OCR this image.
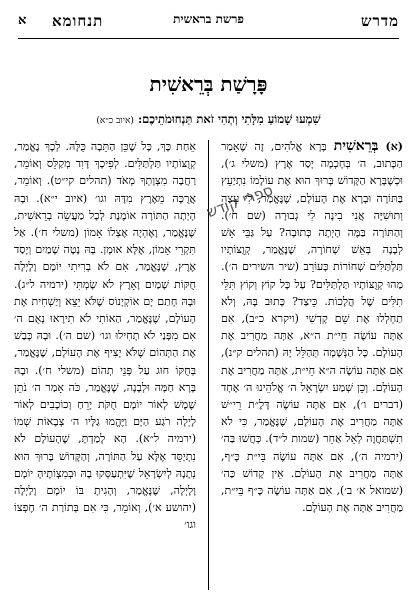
מדרש
פרשת בראשית
תנחומא
א
פָּרָשַׁת בְּרֵאשִׁית
שִׁמְעוּ שָׁמוֹעַ מִלָּתִי וְתְהִי זֹאת תַּנְחוּמֹתֵיכֶם: (איוב כ״א)
(א) בְּרֵאשִׁית בָּרָא אֱלֹהִים, זֶה שֶׁאָמַר הַכָּתוּב, ה׳ בְּחָכְמָה יָסַד אֶרֶץ (משלי ג׳), וּכְשֶׁבָּרָא הַקָּדוֹשׁ בָּרוּךְ הוּא אֶת עוֹלָמוֹ נִתְיַעֵץ בַּתּוֹרָה וּבָרָא אֶת הָעוֹלָם, שֶׁנֶּאֱמַר, לִי עֵצָה וְתוּשִׁיָּה אֲנִי בִינָה לִי גְבוּרָה (שם ח׳). וְהַתּוֹרָה בַּמֶּה הָיְתָה כְּתוּבָה? עַל גַּבֵּי אֵשׁ לְבָנָה בְּאֵשׁ שְׁחוֹרָה, שֶׁנֶּאֱמַר, קְוֻצּוֹתָיו תַּלְתַּלִּים שְׁחוֹרוֹת כָּעוֹרֵב (שיר השירים ה׳). מַהוּ קְוֻצּוֹתָיו תַּלְתַּלִּים? עַל כָּל קוֹץ וְקוֹץ תִּלֵּי תִלִּים שֶׁל הֲלָכוֹת. כֵּיצַד? כָּתוּב בָּהּ, וְלֹא תַחְלְלוּ אֶת שֵׁם קָדְשִׁי (ויקרא כ״ב), אִם אַתָּה עוֹשֶׂה חֵי״ת ה״א, אַתָּה מַחֲרִיב אֶת הָעוֹלָם. כָּל הַנְּשָׁמָה תְּהַלֵּל יָהּ (תהלים ק״נ), אִם אַתָּה עוֹשֶׂה ה״א חֵי״ת, אַתָּה מַחֲרִיב אֶת הָעוֹלָם. וְכֵן שְׁמַע יִשְׂרָאֵל ה׳ אֱלֹהֵינוּ ה׳ אֶחָד (דברים ו׳), אִם אַתָּה עוֹשֶׂה דָּלֶ״ת רֵי״שׁ אַתָּה מַחֲרִיב אֶת הָעוֹלָם, שֶׁנֶּאֱמַר, כִּי לֹא תִשְׁתַּחֲוֶה לְאֵל אַחֵר (שמות ל״ד). כְּחֲשׁוּ בַּה׳ (ירמיה ה׳), אִם אַתָּה עוֹשֶׂה בֵּי״ת כָּ״ף, אַתָּה מַחֲרִיב אֶת הָעוֹלָם. אֵין קָדוֹשׁ כַּה׳ (שמואל א׳ ב׳), אִם אַתָּה עוֹשֶׂה כָּ״ף בֵּי״ת, מַחֲרִיב אַתָּה אֶת הָעוֹלָם.
אֵחַת כָּךְ, כָּל שֶׁכֵּן הַתֵּבָה כֻּלָּהּ. לְכָךְ נֶאֱמַר, קְוֻצּוֹתָיו תַּלְתַּלִּים. לְפִיכָךְ דָּוִד מְקַלֵּס וְאוֹמֵר, רַחֲבָה מִצְוָתְךָ מְאֹד (תהלים קי״ט). וְאוֹמֵר, אֲרֻכָּה מֵאֶרֶץ מִדָּהּ וגו׳ (איוב י״א). וּבָהּ הָיְתָה הַתּוֹרָה אוֹמֶנֶת לְכָל מַעֲשֵׂה בְרֵאשִׁית, שֶׁנֶּאֱמַר, וָאֶהְיֶה אֶצְלוֹ אָמוֹן (משלי ח׳). אַל תִּקְרֵי אָמוֹן, אֶלָּא אוּמָן. בְּהּ נָטָה שָׁמַיִם וְיָסַד אֶרֶץ, שֶׁנֶּאֱמַר, אִם לֹא בְרִיתִי יוֹמָם וָלָיְלָה חֻקּוֹת שָׁמַיִם וָאָרֶץ לֹא שָׂמְתִּי (ירמיה ל״ג). וּבָהּ חָתַם יָם אוֹקְיָנוֹס שֶׁלֹּא יֵצֵא וְיַשְׁחִית אֶת הָעוֹלָם, שֶׁנֶּאֱמַר, הַאוֹתִי לֹא תִירָאוּ נְאֻם ה׳ אִם מִפָּנַי לֹא תָחִילוּ וגו׳ (שם ה׳). וּבָהּ כָּבַשׁ אֶת הַתְּהוֹם שֶׁלֹּא יָצִיף אֶת הָעוֹלָם, שֶׁנֶּאֱמַר, בְּחֻקּוֹ חוּג עַל פְּנֵי תְהוֹם (משלי ח׳). וּבָהּ בָּרָא חַמָּה וּלְבָנָה, שֶׁנֶּאֱמַר, כֹּה אָמַר ה׳ נֹתֵן שֶׁמֶשׁ לְאוֹר יוֹמָם חֻקֹּת יָרֵחַ וְכוֹכָבִים לְאוֹר לָיְלָה רֹגַע הַיָּם וַיֶּהֱמוּ גַלָּיו ה׳ צְבָאוֹת שְׁמוֹ (ירמיה ל״א). הָא לָמַדְתָּ, שֶׁהָעוֹלָם לֹא נִתְיַסֵּד אֶלָּא עַל הַתּוֹרָה, וְהַקָּדוֹשׁ בָּרוּךְ הוּא נְתָנָהּ לְיִשְׂרָאֵל שֶׁיִּתְעַסְּקוּ בָהּ וּבְמִצְוֹתֶיהָ יוֹמָם וָלָיְלָה, שֶׁנֶּאֱמַר, וְהָגִיתָ בּוֹ יוֹמָם וָלַיְלָה (יהושע א׳), וְאוֹמֵר, כִּי אִם בְּתוֹרַת ה׳ חֶפְצוֹ וגו׳
ספרי קודש
